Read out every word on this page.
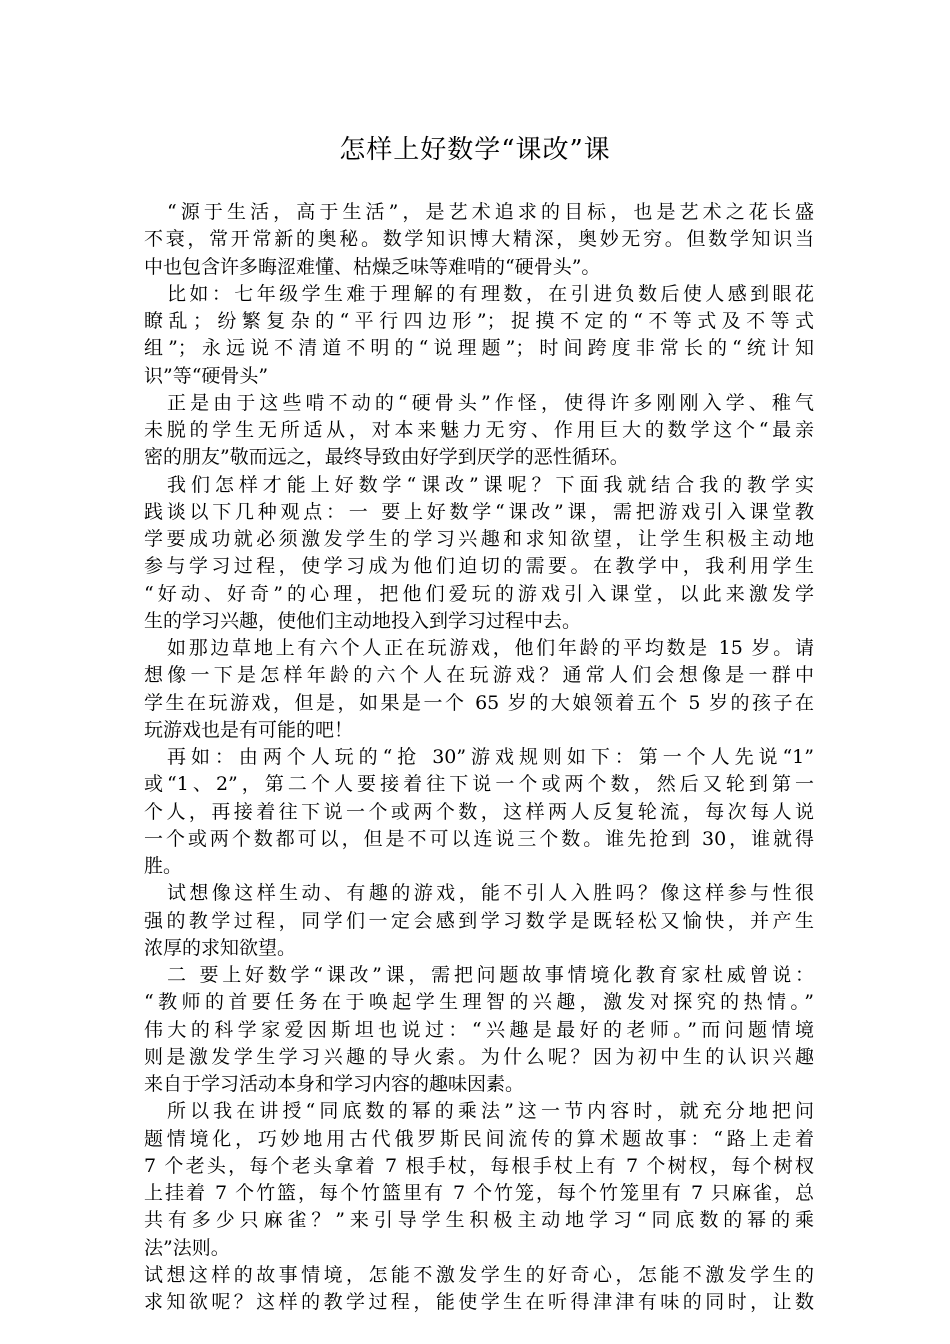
怎样上好数学“课改”课
“源于生活，高于生活”，是艺术追求的目标，也是艺术之花长盛
不衰，常开常新的奥秘。数学知识博大精深，奥妙无穷。但数学知识当
中也包含许多晦涩难懂、枯燥乏味等难啃的“硬骨头”。
比如：七年级学生难于理解的有理数，在引进负数后使人感到眼花
瞭乱；纷繁复杂的“平行四边形”；捉摸不定的“不等式及不等式
组”；永远说不清道不明的“说理题”；时间跨度非常长的“统计知
识”等“硬骨头”
正是由于这些啃不动的“硬骨头”作怪，使得许多刚刚入学、稚气
未脱的学生无所适从，对本来魅力无穷、作用巨大的数学这个“最亲
密的朋友”敬而远之，最终导致由好学到厌学的恶性循环。
我们怎样才能上好数学“课改”课呢？下面我就结合我的教学实
践谈以下几种观点：一 要上好数学“课改”课，需把游戏引入课堂教
学要成功就必须激发学生的学习兴趣和求知欲望，让学生积极主动地
参与学习过程，使学习成为他们迫切的需要。在教学中，我利用学生
“好动、好奇”的心理，把他们爱玩的游戏引入课堂，以此来激发学
生的学习兴趣，使他们主动地投入到学习过程中去。
如那边草地上有六个人正在玩游戏，他们年龄的平均数是 15 岁。请
想像一下是怎样年龄的六个人在玩游戏？通常人们会想像是一群中
学生在玩游戏，但是，如果是一个 65 岁的大娘领着五个 5 岁的孩子在
玩游戏也是有可能的吧！
再如：由两个人玩的“抢 30”游戏规则如下：第一个人先说“1”
或“1、2”，第二个人要接着往下说一个或两个数，然后又轮到第一
个人，再接着往下说一个或两个数，这样两人反复轮流，每次每人说
一个或两个数都可以，但是不可以连说三个数。谁先抢到 30，谁就得
胜。
试想像这样生动、有趣的游戏，能不引人入胜吗？像这样参与性很
强的教学过程，同学们一定会感到学习数学是既轻松又愉快，并产生
浓厚的求知欲望。
二 要上好数学“课改”课，需把问题故事情境化教育家杜威曾说：
“教师的首要任务在于唤起学生理智的兴趣，激发对探究的热情。”
伟大的科学家爱因斯坦也说过：“兴趣是最好的老师。”而问题情境
则是激发学生学习兴趣的导火索。为什么呢？因为初中生的认识兴趣
来自于学习活动本身和学习内容的趣味因素。
所以我在讲授“同底数的幂的乘法”这一节内容时，就充分地把问
题情境化，巧妙地用古代俄罗斯民间流传的算术题故事：“路上走着
7 个老头，每个老头拿着 7 根手杖，每根手杖上有 7 个树杈，每个树杈
上挂着 7 个竹篮，每个竹篮里有 7 个竹笼，每个竹笼里有 7 只麻雀，总
共有多少只麻雀？”来引导学生积极主动地学习“同底数的幂的乘
法”法则。
试想这样的故事情境，怎能不激发学生的好奇心，怎能不激发学生的
求知欲呢？这样的教学过程，能使学生在听得津津有味的同时，让数
